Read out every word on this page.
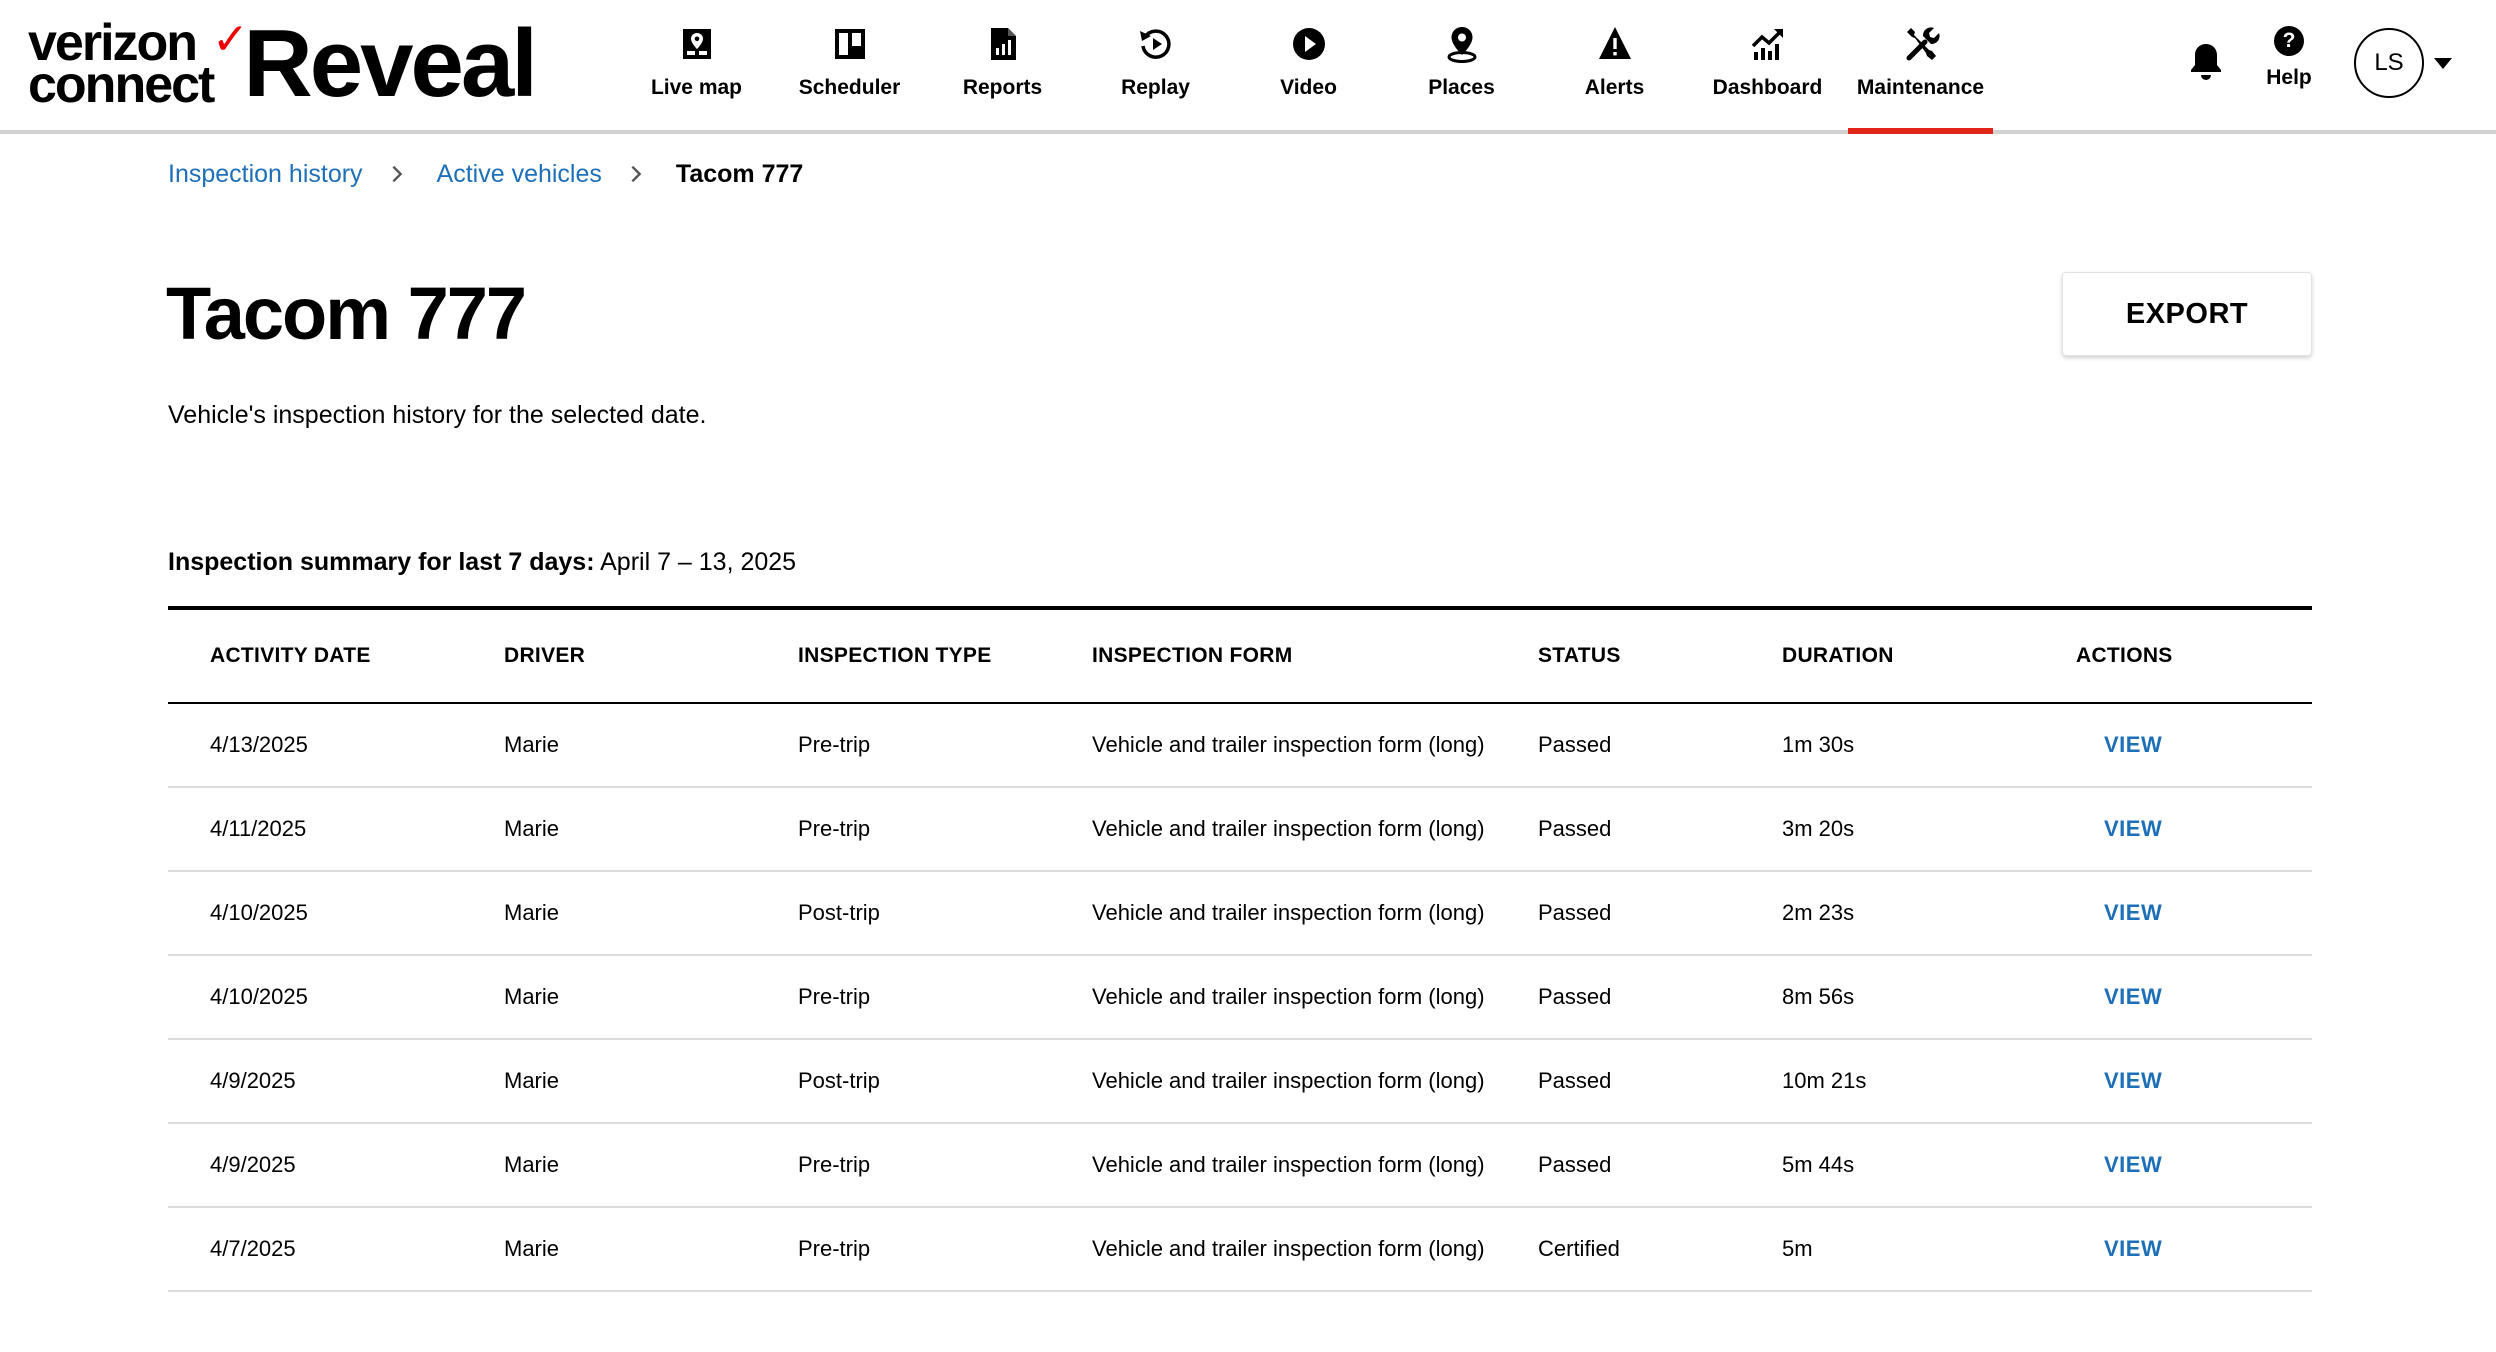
verizon ✓
connect Reveal	Live map	Scheduler	Reports	Replay	Video	Places	Alerts	Dashboard Maintenance
?
Help
LS
Inspection history	Active vehicles	Tacom 777
Tacom 777	EXPORT

Vehicle's inspection history for the selected date.

Inspection summary for last 7 days: April 7 – 13, 2025

ACTIVITY DATE	DRIVER	INSPECTION TYPE	INSPECTION FORM	STATUS	DURATION	ACTIONS
4/13/2025	Marie	Pre-trip	Vehicle and trailer inspection form (long) Passed	1m 30s	VIEW
4/11/2025	Marie	Pre-trip	Vehicle and trailer inspection form (long) Passed	3m 20s	VIEW
4/10/2025	Marie	Post-trip	Vehicle and trailer inspection form (long) Passed	2m 23s	VIEW
4/10/2025	Marie	Pre-trip	Vehicle and trailer inspection form (long) Passed	8m 56s	VIEW
4/9/2025	Marie	Post-trip	Vehicle and trailer inspection form (long) Passed	10m 21s	VIEW
4/9/2025	Marie	Pre-trip	Vehicle and trailer inspection form (long) Passed	5m 44s	VIEW
4/7/2025	Marie	Pre-trip	Vehicle and trailer inspection form (long) Certified	5m	VIEW
